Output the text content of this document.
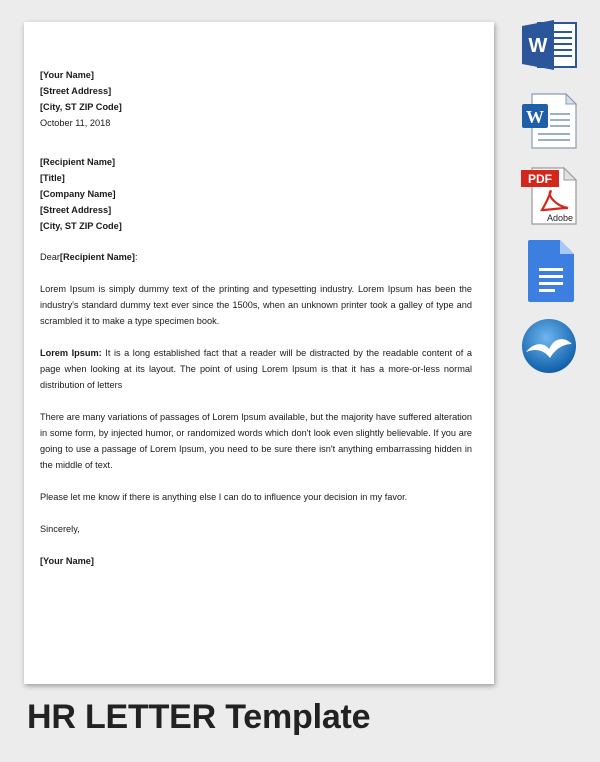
[Your Name]
[Street Address]
[City, ST ZIP Code]
October 11, 2018
[Recipient Name]
[Title]
[Company Name]
[Street Address]
[City, ST ZIP Code]
Dear[Recipient Name]:

Lorem Ipsum is simply dummy text of the printing and typesetting industry. Lorem Ipsum has been the industry's standard dummy text ever since the 1500s, when an unknown printer took a galley of type and scrambled it to make a type specimen book.

Lorem Ipsum: It is a long established fact that a reader will be distracted by the readable content of a page when looking at its layout. The point of using Lorem Ipsum is that it has a more-or-less normal distribution of letters

There are many variations of passages of Lorem Ipsum available, but the majority have suffered alteration in some form, by injected humor, or randomized words which don't look even slightly believable. If you are going to use a passage of Lorem Ipsum, you need to be sure there isn't anything embarrassing hidden in the middle of text.

Please let me know if there is anything else I can do to influence your decision in my favor.

Sincerely,
[Your Name]
HR LETTER Template
W
W
PDF
Adobe
